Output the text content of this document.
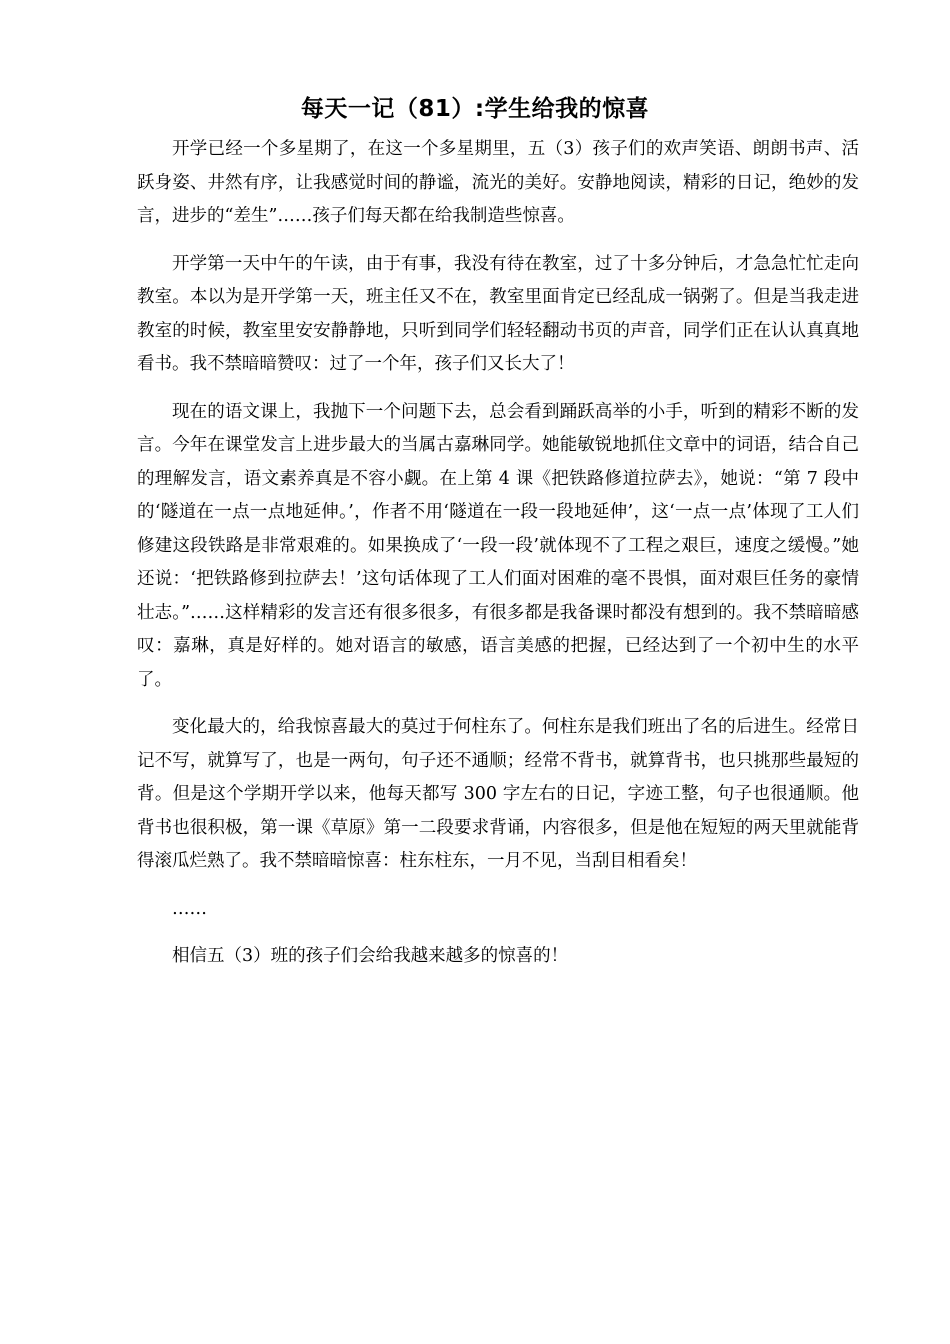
每天一记（81）:学生给我的惊喜

开学已经一个多星期了，在这一个多星期里，五（3）孩子们的欢声笑语、朗朗书声、活跃身姿、井然有序，让我感觉时间的静谧，流光的美好。安静地阅读，精彩的日记，绝妙的发言，进步的“差生”……孩子们每天都在给我制造些惊喜。

开学第一天中午的午读，由于有事，我没有待在教室，过了十多分钟后，才急急忙忙走向教室。本以为是开学第一天，班主任又不在，教室里面肯定已经乱成一锅粥了。但是当我走进教室的时候，教室里安安静静地，只听到同学们轻轻翻动书页的声音，同学们正在认认真真地看书。我不禁暗暗赞叹：过了一个年，孩子们又长大了！

现在的语文课上，我抛下一个问题下去，总会看到踊跃高举的小手，听到的精彩不断的发言。今年在课堂发言上进步最大的当属古嘉琳同学。她能敏锐地抓住文章中的词语，结合自己的理解发言，语文素养真是不容小觑。在上第 4 课《把铁路修道拉萨去》，她说：“第 7 段中的‘隧道在一点一点地延伸。’，作者不用‘隧道在一段一段地延伸’，这‘一点一点’体现了工人们修建这段铁路是非常艰难的。如果换成了‘一段一段’就体现不了工程之艰巨，速度之缓慢。”她还说：‘把铁路修到拉萨去！’这句话体现了工人们面对困难的毫不畏惧，面对艰巨任务的豪情壮志。”……这样精彩的发言还有很多很多，有很多都是我备课时都没有想到的。我不禁暗暗感叹：嘉琳，真是好样的。她对语言的敏感，语言美感的把握，已经达到了一个初中生的水平了。

变化最大的，给我惊喜最大的莫过于何柱东了。何柱东是我们班出了名的后进生。经常日记不写，就算写了，也是一两句，句子还不通顺；经常不背书，就算背书，也只挑那些最短的背。但是这个学期开学以来，他每天都写 300 字左右的日记，字迹工整，句子也很通顺。他背书也很积极，第一课《草原》第一二段要求背诵，内容很多，但是他在短短的两天里就能背得滚瓜烂熟了。我不禁暗暗惊喜：柱东柱东，一月不见，当刮目相看矣！

……

相信五（3）班的孩子们会给我越来越多的惊喜的！
